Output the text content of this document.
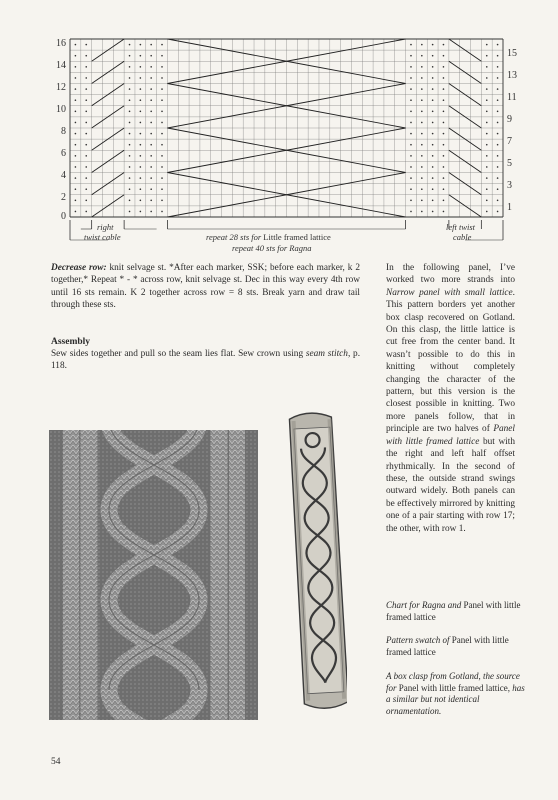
16
14
12
10
8
6
4
2
0
15
13
11
9
7
5
3
1
right
twist cable	repeat 28 sts for Little framed lattice
repeat 40 sts for Ragna
left twist
cable

Decrease row: knit selvage st. *After each marker, SSK; before each marker, k 2 together,* Repeat * - * across row, knit selvage st. Dec in this way every 4th row until 16 sts remain. K 2 together across row = 8 sts. Break yarn and draw tail through these sts.

Assembly

Sew sides together and pull so the seam lies flat. Sew crown using seam stitch, p. 118.

In the following panel, I’ve worked two more strands into Narrow panel with small lattice. This pattern borders yet another box clasp recovered on Gotland. On this clasp, the little lattice is cut free from the center band. It wasn’t possible to do this in knitting without completely changing the character of the pattern, but this version is the closest possible in knitting. Two more panels follow, that in principle are two halves of Panel with little framed lattice but with the right and left half offset rhythmically. In the second of these, the outside strand swings outward widely. Both panels can be effectively mirrored by knitting one of a pair starting with row 17; the other, with row 1.

Chart for Ragna and Panel with little framed lattice

Pattern swatch of Panel with little framed lattice

A box clasp from Gotland, the source for Panel with little framed lattice, has a similar but not identical ornamentation.

54
